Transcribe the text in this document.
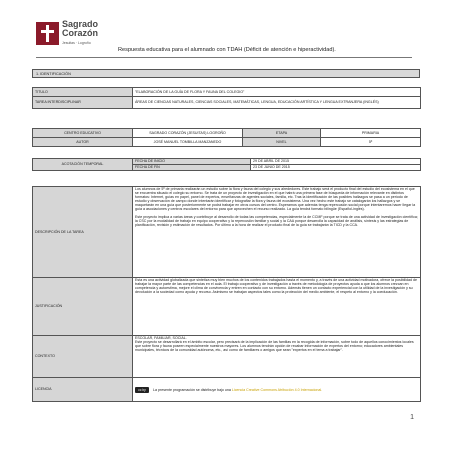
Sagrado
Corazón
Jesuitas · Logroño
Respuesta educativa para el alumnado con TDAH (Déficit de atención e hiperactividad).
1. IDENTIFICACIÓN
TITULO	"ELABORACIÓN DE LA GUÍA DE FLORA Y FAUNA DEL COLEGIO"
TAREA INTERDISCIPLINAR	ÁREAS DE CIENCIAS NATURALES, CIENCIAS SOCIALES, MATEMÁTICAS, LENGUA, EDUCACIÓN ARTÍSTICA Y LENGUA EXTRANJERA (INGLÉS)
CENTRO EDUCATIVO	SAGRADO CORAZÓN (JESUITAS) LOGROÑO	ETAPA	PRIMARIA
AUTOR	JOSÉ MANUEL TOMBILLA MANZANEDO	NIVEL	5º
ACOTACIÓN TEMPORAL	FECHA DE INICIO	29 DE ABRIL DE 2015
	FECHA DE FIN	23 DE JUNIO DE 2015
DESCRIPCIÓN DE LA TAREA	Los alumnos de 5º de primaria realizarán un estudio sobre la flora y fauna del colegio y sus alrededores. Este trabajo será el producto final del estudio del ecosistema en el que se encuentra situado el colegio su entorno. Se trata de un proyecto de investigación en el que habrá una primera fase de búsqueda de información relevante en distintos formatos: Internet, guías en papel, panel de expertos, enseñanzas de agentes sociales, familia, etc. Tras la identificación de las posibles hallazgos se pasa a un período de estudio y observación de campo donde intentarán identificar y fotografiar la flora y fauna del ecosistema. Una vez hecho este trabajo se catalogarán los hallazgos y se maquetarán en una guía que posteriormente se podrá trabajar en otros cursos del centro. Esperamos que además tenga repercusión social porque intentaremos hacer llegar la guía a asociaciones y centros escolares del entorno para que aprovechen el recurso realizado. La guía tendrá formato bilingüe (Español-inglés).
Este proyecto implica a varias áreas y contribuye al desarrollo de todas las competencias, especialmente la de CCMF porque se trata de una actividad de investigación científica; la CSC por la modalidad de trabajo en equipo cooperativo y la repercusión familiar y social y la CAA porque desarrolla la capacidad de análisis, síntesis y las estrategias de planificación, revisión y estimación de resultados. Por último a la hora de realizar el producto final de la guía se trabajarán la TICD y la CCA.

JUSTIFICACIÓN	Esta es una actividad globalizada que sintetiza muy bien muchos de los contenidos trabajados hasta el momento y, a través de una actividad motivadora, ofrece la posibilidad de trabajar la mayor parte de las competencias en el aula. El trabajo cooperativo y de investigación a través de metodología de proyectos ayuda a que los alumnos crezcan en competencia y autoestima, mejore el clima de convivencia y entren en contacto con su entorno. Además tienen un contacto experiencial con la utilidad de la investigación y su devolución a la sociedad como ayuda y recurso. Asimismo se trabajan aspectos tales como la protección del medio ambiente, el respeto al entorno y la coeducación.
CONTEXTO	ESCOLAR, FAMILIAR, SOCIAL.
Este proyecto se desarrollará en el ámbito escolar, pero precisará de la implicación de las familias en la recogida de información, sobre todo de aquellos conocimientos locales que sobre flora y fauna poseen especialmente nuestros mayores. Los alumnos tendrán opción de recabar información de expertos del entorno; educadores ambientales municipales, técnicos de la comunidad autónoma, etc., así como de familiares o amigos que sean "expertos en el tema a trabajar".

LICENCIA	cc by La presente programación se distribuye bajo una Licencia Creative Commons Atribución 4.0 Internacional.
1
